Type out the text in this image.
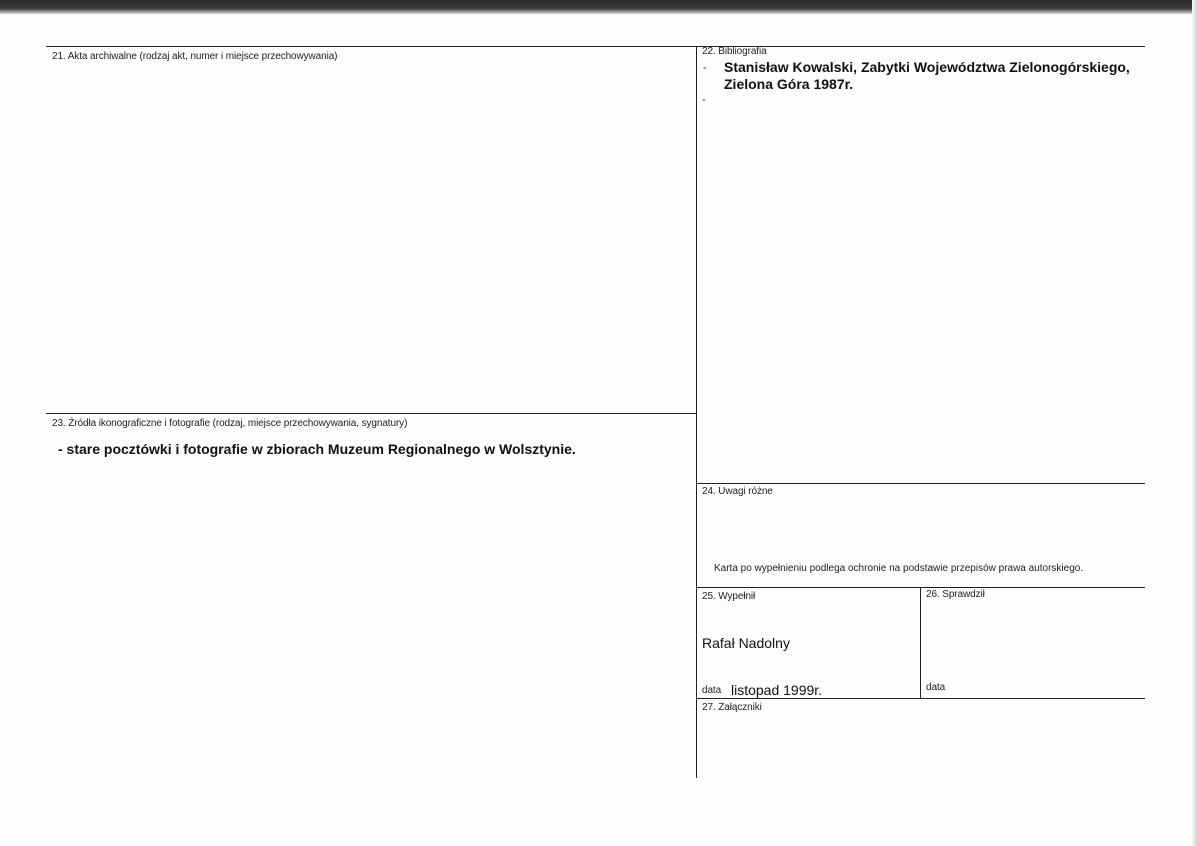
21. Akta archiwalne (rodzaj akt, numer i miejsce przechowywania)	22. Bibliografia
- Stanisław Kowalski, Zabytki Województwa Zielonogórskiego,
Zielona Góra 1987r.
-
23. Źródła ikonograficzne i fotografie (rodzaj, miejsce przechowywania, sygnatury)
- stare pocztówki i fotografie w zbiorach Muzeum Regionalnego w Wolsztynie.
24. Uwagi różne
Karta po wypełnieniu podlega ochronie na podstawie przepisów prawa autorskiego.
25. Wypełnił
Rafał Nadolny
data listopad 1999r.
26. Sprawdził
data
27. Załączniki
